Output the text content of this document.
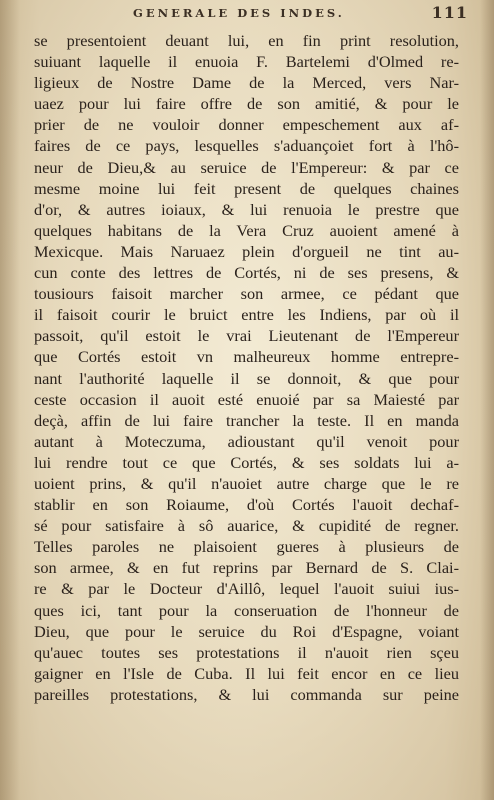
GENERALE DES INDES.	111
se presentoient deuant lui, en fin print resolution,
suiuant laquelle il enuoia F. Bartelemi d'Olmed re-
ligieux de Nostre Dame de la Merced, vers Nar-
uaez pour lui faire offre de son amitié, & pour le
prier de ne vouloir donner empeschement aux af-
faires de ce pays, lesquelles s'aduançoiet fort à l'hô-
neur de Dieu,& au seruice de l'Empereur: & par ce
mesme moine lui feit present de quelques chaines
d'or, & autres ioiaux, & lui renuoia le prestre que
quelques habitans de la Vera Cruz auoient amené à
Mexicque. Mais Naruaez plein d'orgueil ne tint au-
cun conte des lettres de Cortés, ni de ses presens, &
tousiours faisoit marcher son armee, ce pédant que
il faisoit courir le bruict entre les Indiens, par où il
passoit, qu'il estoit le vrai Lieutenant de l'Empereur
que Cortés estoit vn malheureux homme entrepre-
nant l'authorité laquelle il se donnoit, & que pour
ceste occasion il auoit esté enuoié par sa Maiesté par
deçà, affin de lui faire trancher la teste. Il en manda
autant à Moteczuma, adioustant qu'il venoit pour
lui rendre tout ce que Cortés, & ses soldats lui a-
uoient prins, & qu'il n'auoiet autre charge que le re
stablir en son Roiaume, d'où Cortés l'auoit dechaf-
sé pour satisfaire à sô auarice, & cupidité de regner.
Telles paroles ne plaisoient gueres à plusieurs de
son armee, & en fut reprins par Bernard de S. Clai-
re & par le Docteur d'Aillô, lequel l'auoit suiui ius-
ques ici, tant pour la conseruation de l'honneur de
Dieu, que pour le seruice du Roi d'Espagne, voiant
qu'auec toutes ses protestations il n'auoit rien sçeu
gaigner en l'Isle de Cuba. Il lui feit encor en ce lieu
pareilles protestations, & lui commanda sur peine
